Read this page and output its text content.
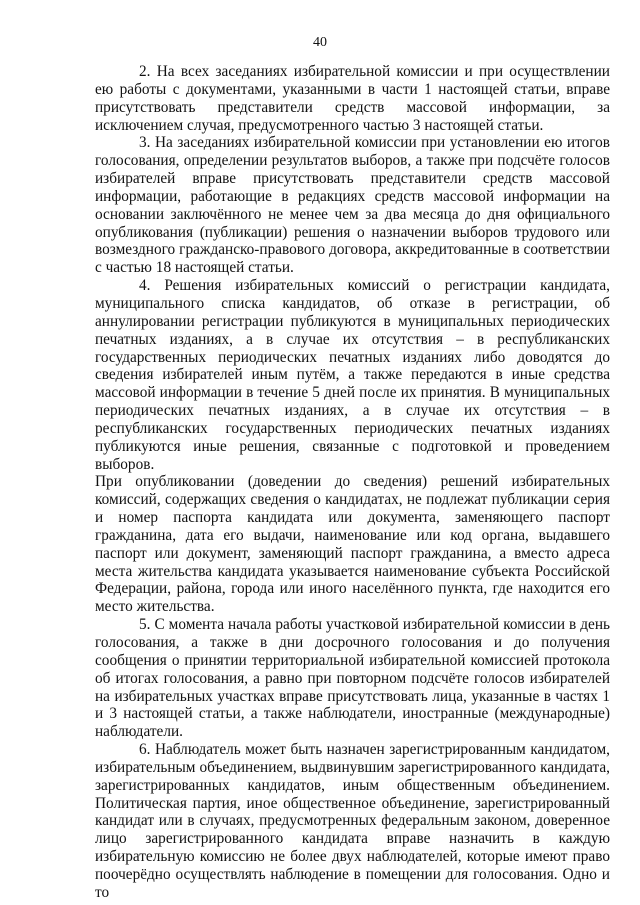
40

2. На всех заседаниях избирательной комиссии и при осуществлении ею работы с документами, указанными в части 1 настоящей статьи, вправе присутствовать представители средств массовой информации, за исключением случая, предусмотренного частью 3 настоящей статьи.

3. На заседаниях избирательной комиссии при установлении ею итогов голосования, определении результатов выборов, а также при подсчёте голосов избирателей вправе присутствовать представители средств массовой информации, работающие в редакциях средств массовой информации на основании заключённого не менее чем за два месяца до дня официального опубликования (публикации) решения о назначении выборов трудового или возмездного гражданско-правового договора, аккредитованные в соответствии с частью 18 настоящей статьи.

4. Решения избирательных комиссий о регистрации кандидата, муниципального списка кандидатов, об отказе в регистрации, об аннулировании регистрации публикуются в муниципальных периодических печатных изданиях, а в случае их отсутствия – в республиканских государственных периодических печатных изданиях либо доводятся до сведения избирателей иным путём, а также передаются в иные средства массовой информации в течение 5 дней после их принятия. В муниципальных периодических печатных изданиях, а в случае их отсутствия – в республиканских государственных периодических печатных изданиях публикуются иные решения, связанные с подготовкой и проведением выборов.

При опубликовании (доведении до сведения) решений избирательных комиссий, содержащих сведения о кандидатах, не подлежат публикации серия и номер паспорта кандидата или документа, заменяющего паспорт гражданина, дата его выдачи, наименование или код органа, выдавшего паспорт или документ, заменяющий паспорт гражданина, а вместо адреса места жительства кандидата указывается наименование субъекта Российской Федерации, района, города или иного населённого пункта, где находится его место жительства.

5. С момента начала работы участковой избирательной комиссии в день голосования, а также в дни досрочного голосования и до получения сообщения о принятии территориальной избирательной комиссией протокола об итогах голосования, а равно при повторном подсчёте голосов избирателей на избирательных участках вправе присутствовать лица, указанные в частях 1 и 3 настоящей статьи, а также наблюдатели, иностранные (международные) наблюдатели.

6. Наблюдатель может быть назначен зарегистрированным кандидатом, избирательным объединением, выдвинувшим зарегистрированного кандидата, зарегистрированных кандидатов, иным общественным объединением. Политическая партия, иное общественное объединение, зарегистрированный кандидат или в случаях, предусмотренных федеральным законом, доверенное лицо зарегистрированного кандидата вправе назначить в каждую избирательную комиссию не более двух наблюдателей, которые имеют право поочерёдно осуществлять наблюдение в помещении для голосования. Одно и то
